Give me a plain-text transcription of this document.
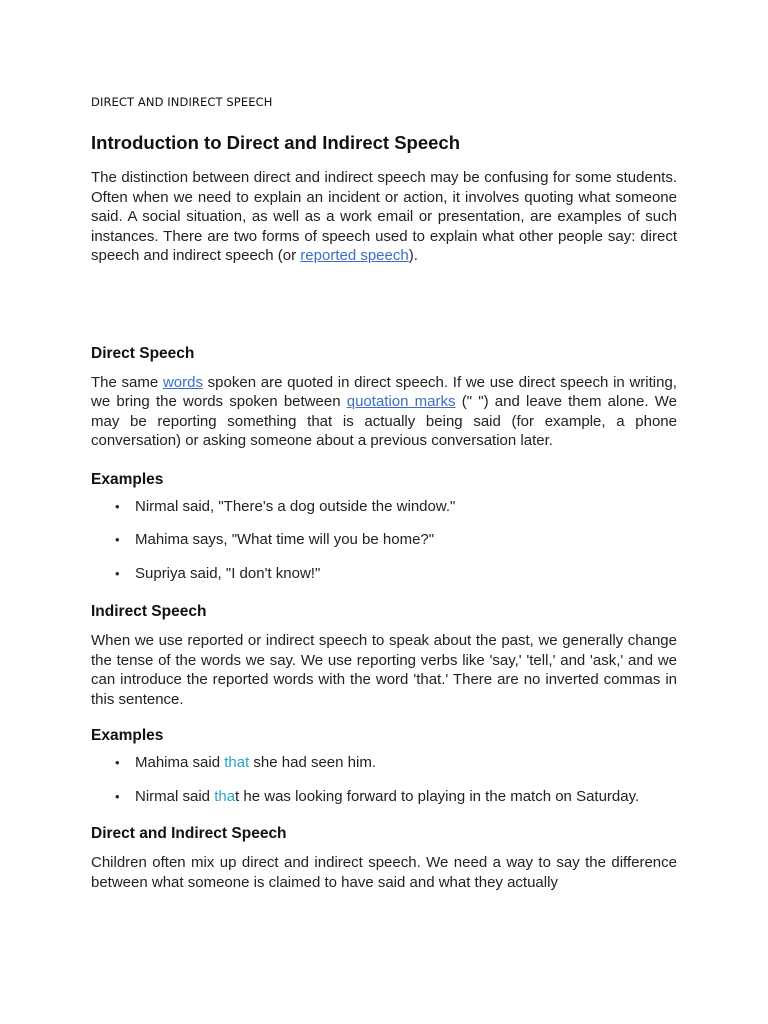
DIRECT AND INDIRECT SPEECH

Introduction to Direct and Indirect Speech

The distinction between direct and indirect speech may be confusing for some students. Often when we need to explain an incident or action, it involves quoting what someone said. A social situation, as well as a work email or presentation, are examples of such instances. There are two forms of speech used to explain what other people say: direct speech and indirect speech (or reported speech).

Direct Speech

The same words spoken are quoted in direct speech. If we use direct speech in writing, we bring the words spoken between quotation marks (" ") and leave them alone. We may be reporting something that is actually being said (for example, a phone conversation) or asking someone about a previous conversation later.

Examples
• Nirmal said, "There's a dog outside the window."
• Mahima says, "What time will you be home?"
• Supriya said, "I don't know!"
Indirect Speech

When we use reported or indirect speech to speak about the past, we generally change the tense of the words we say. We use reporting verbs like 'say,' 'tell,' and 'ask,' and we can introduce the reported words with the word 'that.' There are no inverted commas in this sentence.

Examples
• Mahima said that she had seen him.
• Nirmal said that he was looking forward to playing in the match on Saturday.
Direct and Indirect Speech

Children often mix up direct and indirect speech. We need a way to say the difference between what someone is claimed to have said and what they actually
